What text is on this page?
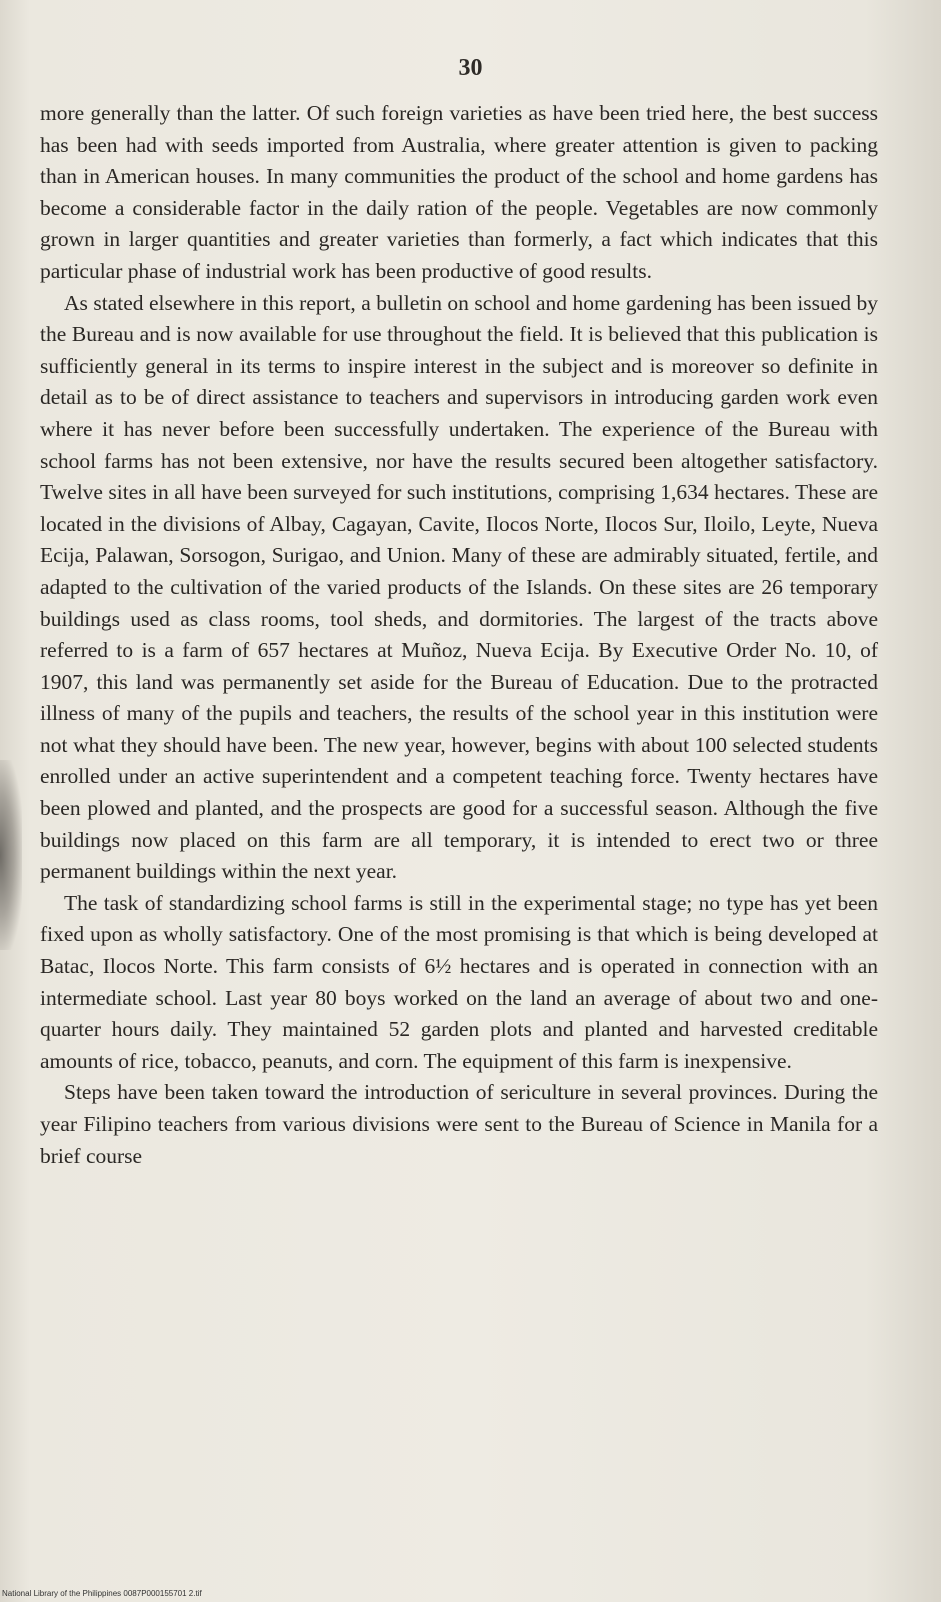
30

more generally than the latter. Of such foreign varieties as have been tried here, the best success has been had with seeds imported from Australia, where greater attention is given to packing than in American houses. In many communities the product of the school and home gardens has become a considerable factor in the daily ration of the people. Vegetables are now commonly grown in larger quantities and greater varieties than formerly, a fact which indicates that this particular phase of industrial work has been productive of good results.

As stated elsewhere in this report, a bulletin on school and home gardening has been issued by the Bureau and is now available for use throughout the field. It is believed that this publication is sufficiently general in its terms to inspire interest in the subject and is moreover so definite in detail as to be of direct assistance to teachers and supervisors in introducing garden work even where it has never before been successfully undertaken. The experience of the Bureau with school farms has not been extensive, nor have the results secured been altogether satisfactory. Twelve sites in all have been surveyed for such institutions, comprising 1,634 hectares. These are located in the divisions of Albay, Cagayan, Cavite, Ilocos Norte, Ilocos Sur, Iloilo, Leyte, Nueva Ecija, Palawan, Sorsogon, Surigao, and Union. Many of these are admirably situated, fertile, and adapted to the cultivation of the varied products of the Islands. On these sites are 26 temporary buildings used as class rooms, tool sheds, and dormitories. The largest of the tracts above referred to is a farm of 657 hectares at Muñoz, Nueva Ecija. By Executive Order No. 10, of 1907, this land was permanently set aside for the Bureau of Education. Due to the protracted illness of many of the pupils and teachers, the results of the school year in this institution were not what they should have been. The new year, however, begins with about 100 selected students enrolled under an active superintendent and a competent teaching force. Twenty hectares have been plowed and planted, and the prospects are good for a successful season. Although the five buildings now placed on this farm are all temporary, it is intended to erect two or three permanent buildings within the next year.

The task of standardizing school farms is still in the experimental stage; no type has yet been fixed upon as wholly satisfactory. One of the most promising is that which is being developed at Batac, Ilocos Norte. This farm consists of 6½ hectares and is operated in connection with an intermediate school. Last year 80 boys worked on the land an average of about two and one-quarter hours daily. They maintained 52 garden plots and planted and harvested creditable amounts of rice, tobacco, peanuts, and corn. The equipment of this farm is inexpensive.

Steps have been taken toward the introduction of sericulture in several provinces. During the year Filipino teachers from various divisions were sent to the Bureau of Science in Manila for a brief course

National Library of the Philippines 0087P000155701 2.tif
